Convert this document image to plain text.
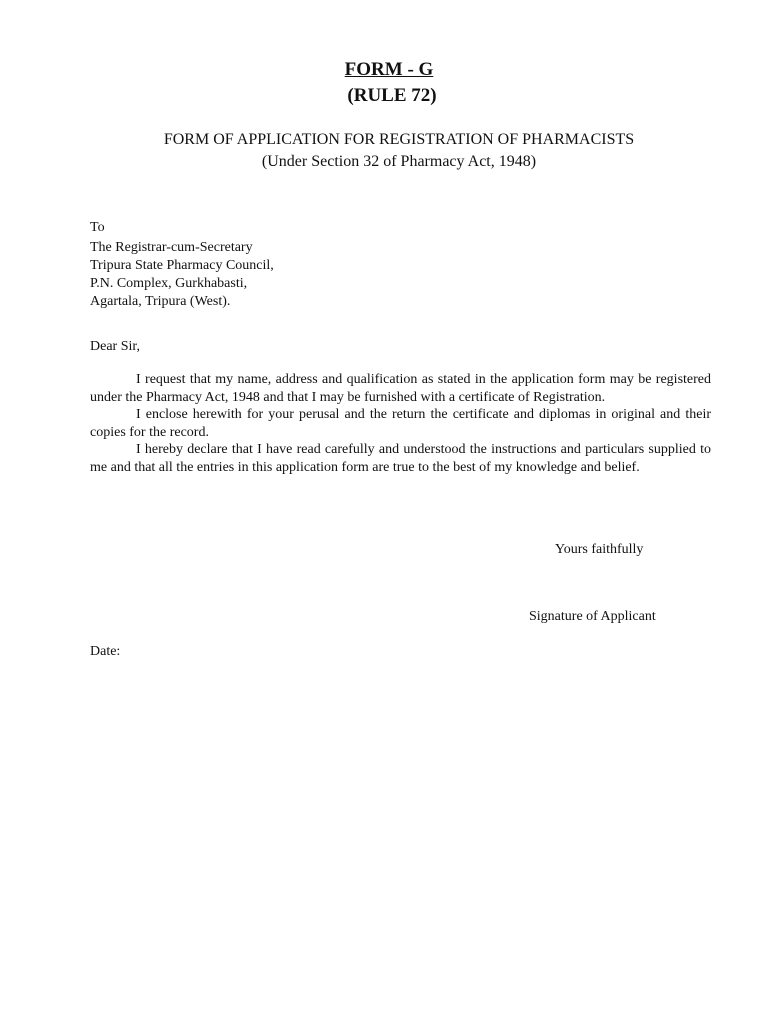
FORM - G
(RULE 72)
FORM OF APPLICATION FOR REGISTRATION OF PHARMACISTS
(Under Section 32 of Pharmacy Act, 1948)
To
The Registrar-cum-Secretary
Tripura State Pharmacy Council,
P.N. Complex, Gurkhabasti,
Agartala, Tripura (West).
Dear Sir,

I request that my name, address and qualification as stated in the application form may be registered under the Pharmacy Act, 1948 and that I may be furnished with a certificate of Registration.

I enclose herewith for your perusal and the return the certificate and diplomas in original and their copies for the record.

I hereby declare that I have read carefully and understood the instructions and particulars supplied to me and that all the entries in this application form are true to the best of my knowledge and belief.

Yours faithfully
Signature of Applicant
Date:
